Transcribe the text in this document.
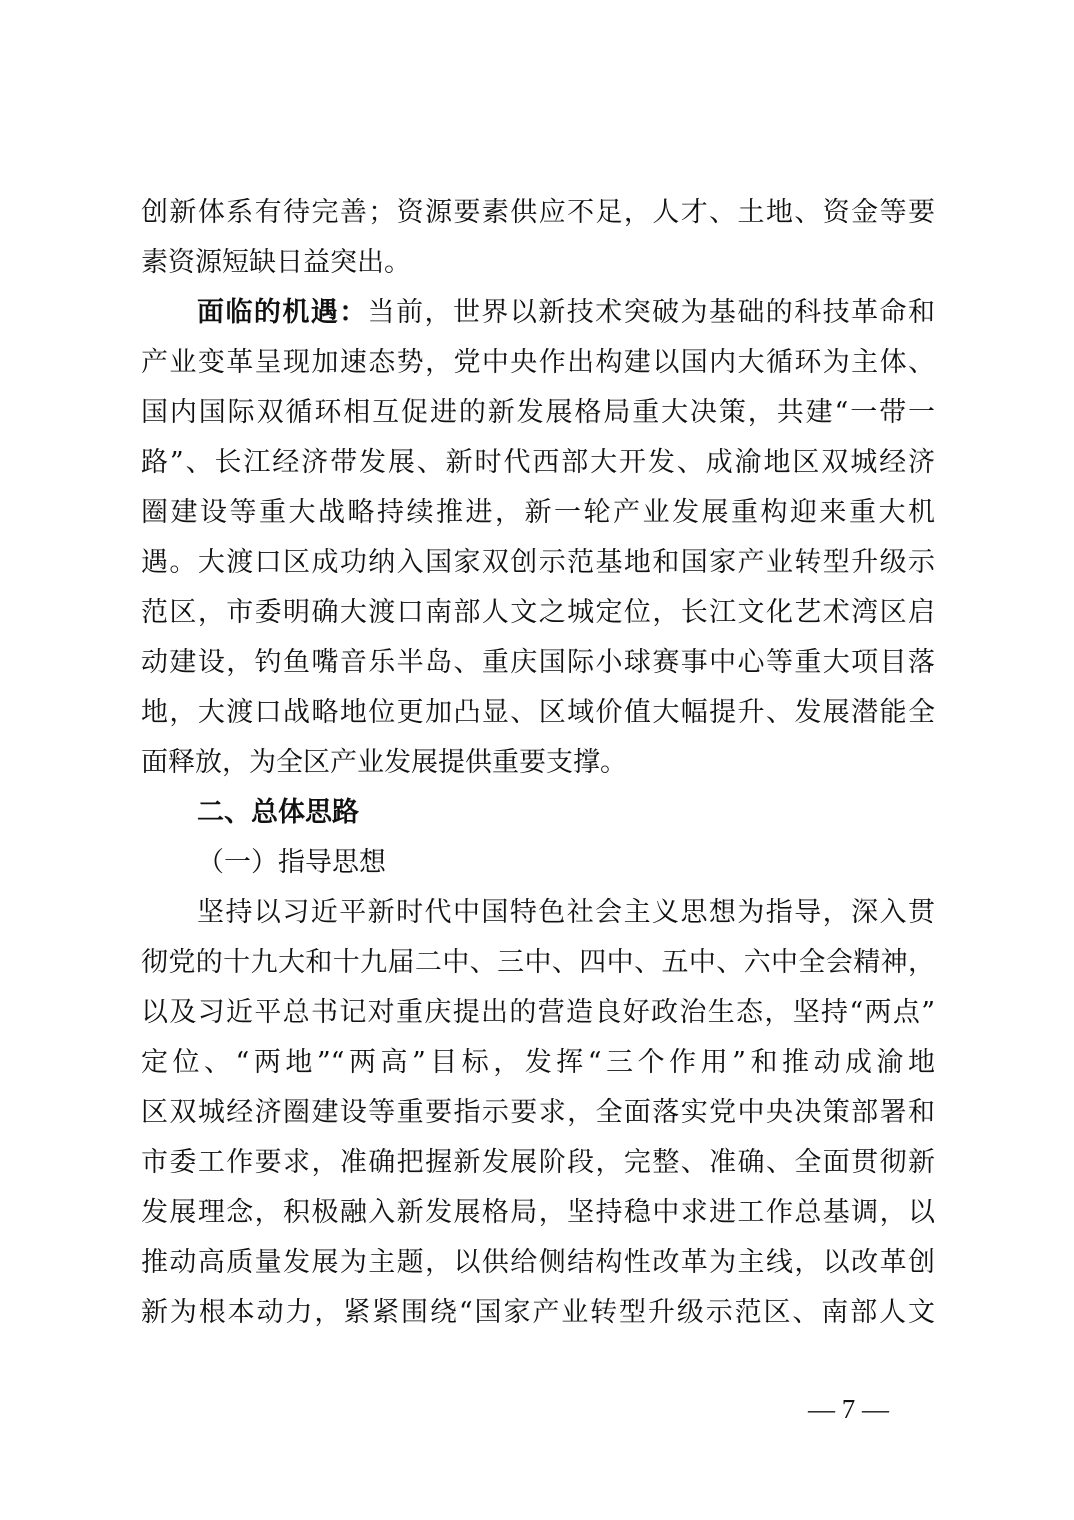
创新体系有待完善；资源要素供应不足，人才、土地、资金等要
素资源短缺日益突出。
面临的机遇：当前，世界以新技术突破为基础的科技革命和
产业变革呈现加速态势，党中央作出构建以国内大循环为主体、
国内国际双循环相互促进的新发展格局重大决策，共建“一带一
路”、长江经济带发展、新时代西部大开发、成渝地区双城经济
圈建设等重大战略持续推进，新一轮产业发展重构迎来重大机
遇。大渡口区成功纳入国家双创示范基地和国家产业转型升级示
范区，市委明确大渡口南部人文之城定位，长江文化艺术湾区启
动建设，钓鱼嘴音乐半岛、重庆国际小球赛事中心等重大项目落
地，大渡口战略地位更加凸显、区域价值大幅提升、发展潜能全
面释放，为全区产业发展提供重要支撑。
二、总体思路
（一）指导思想
坚持以习近平新时代中国特色社会主义思想为指导，深入贯
彻党的十九大和十九届二中、三中、四中、五中、六中全会精神，
以及习近平总书记对重庆提出的营造良好政治生态，坚持“两点”
定位、“两地”“两高”目标，发挥“三个作用”和推动成渝地
区双城经济圈建设等重要指示要求，全面落实党中央决策部署和
市委工作要求，准确把握新发展阶段，完整、准确、全面贯彻新
发展理念，积极融入新发展格局，坚持稳中求进工作总基调，以
推动高质量发展为主题，以供给侧结构性改革为主线，以改革创
新为根本动力，紧紧围绕“国家产业转型升级示范区、南部人文
— 7 —
